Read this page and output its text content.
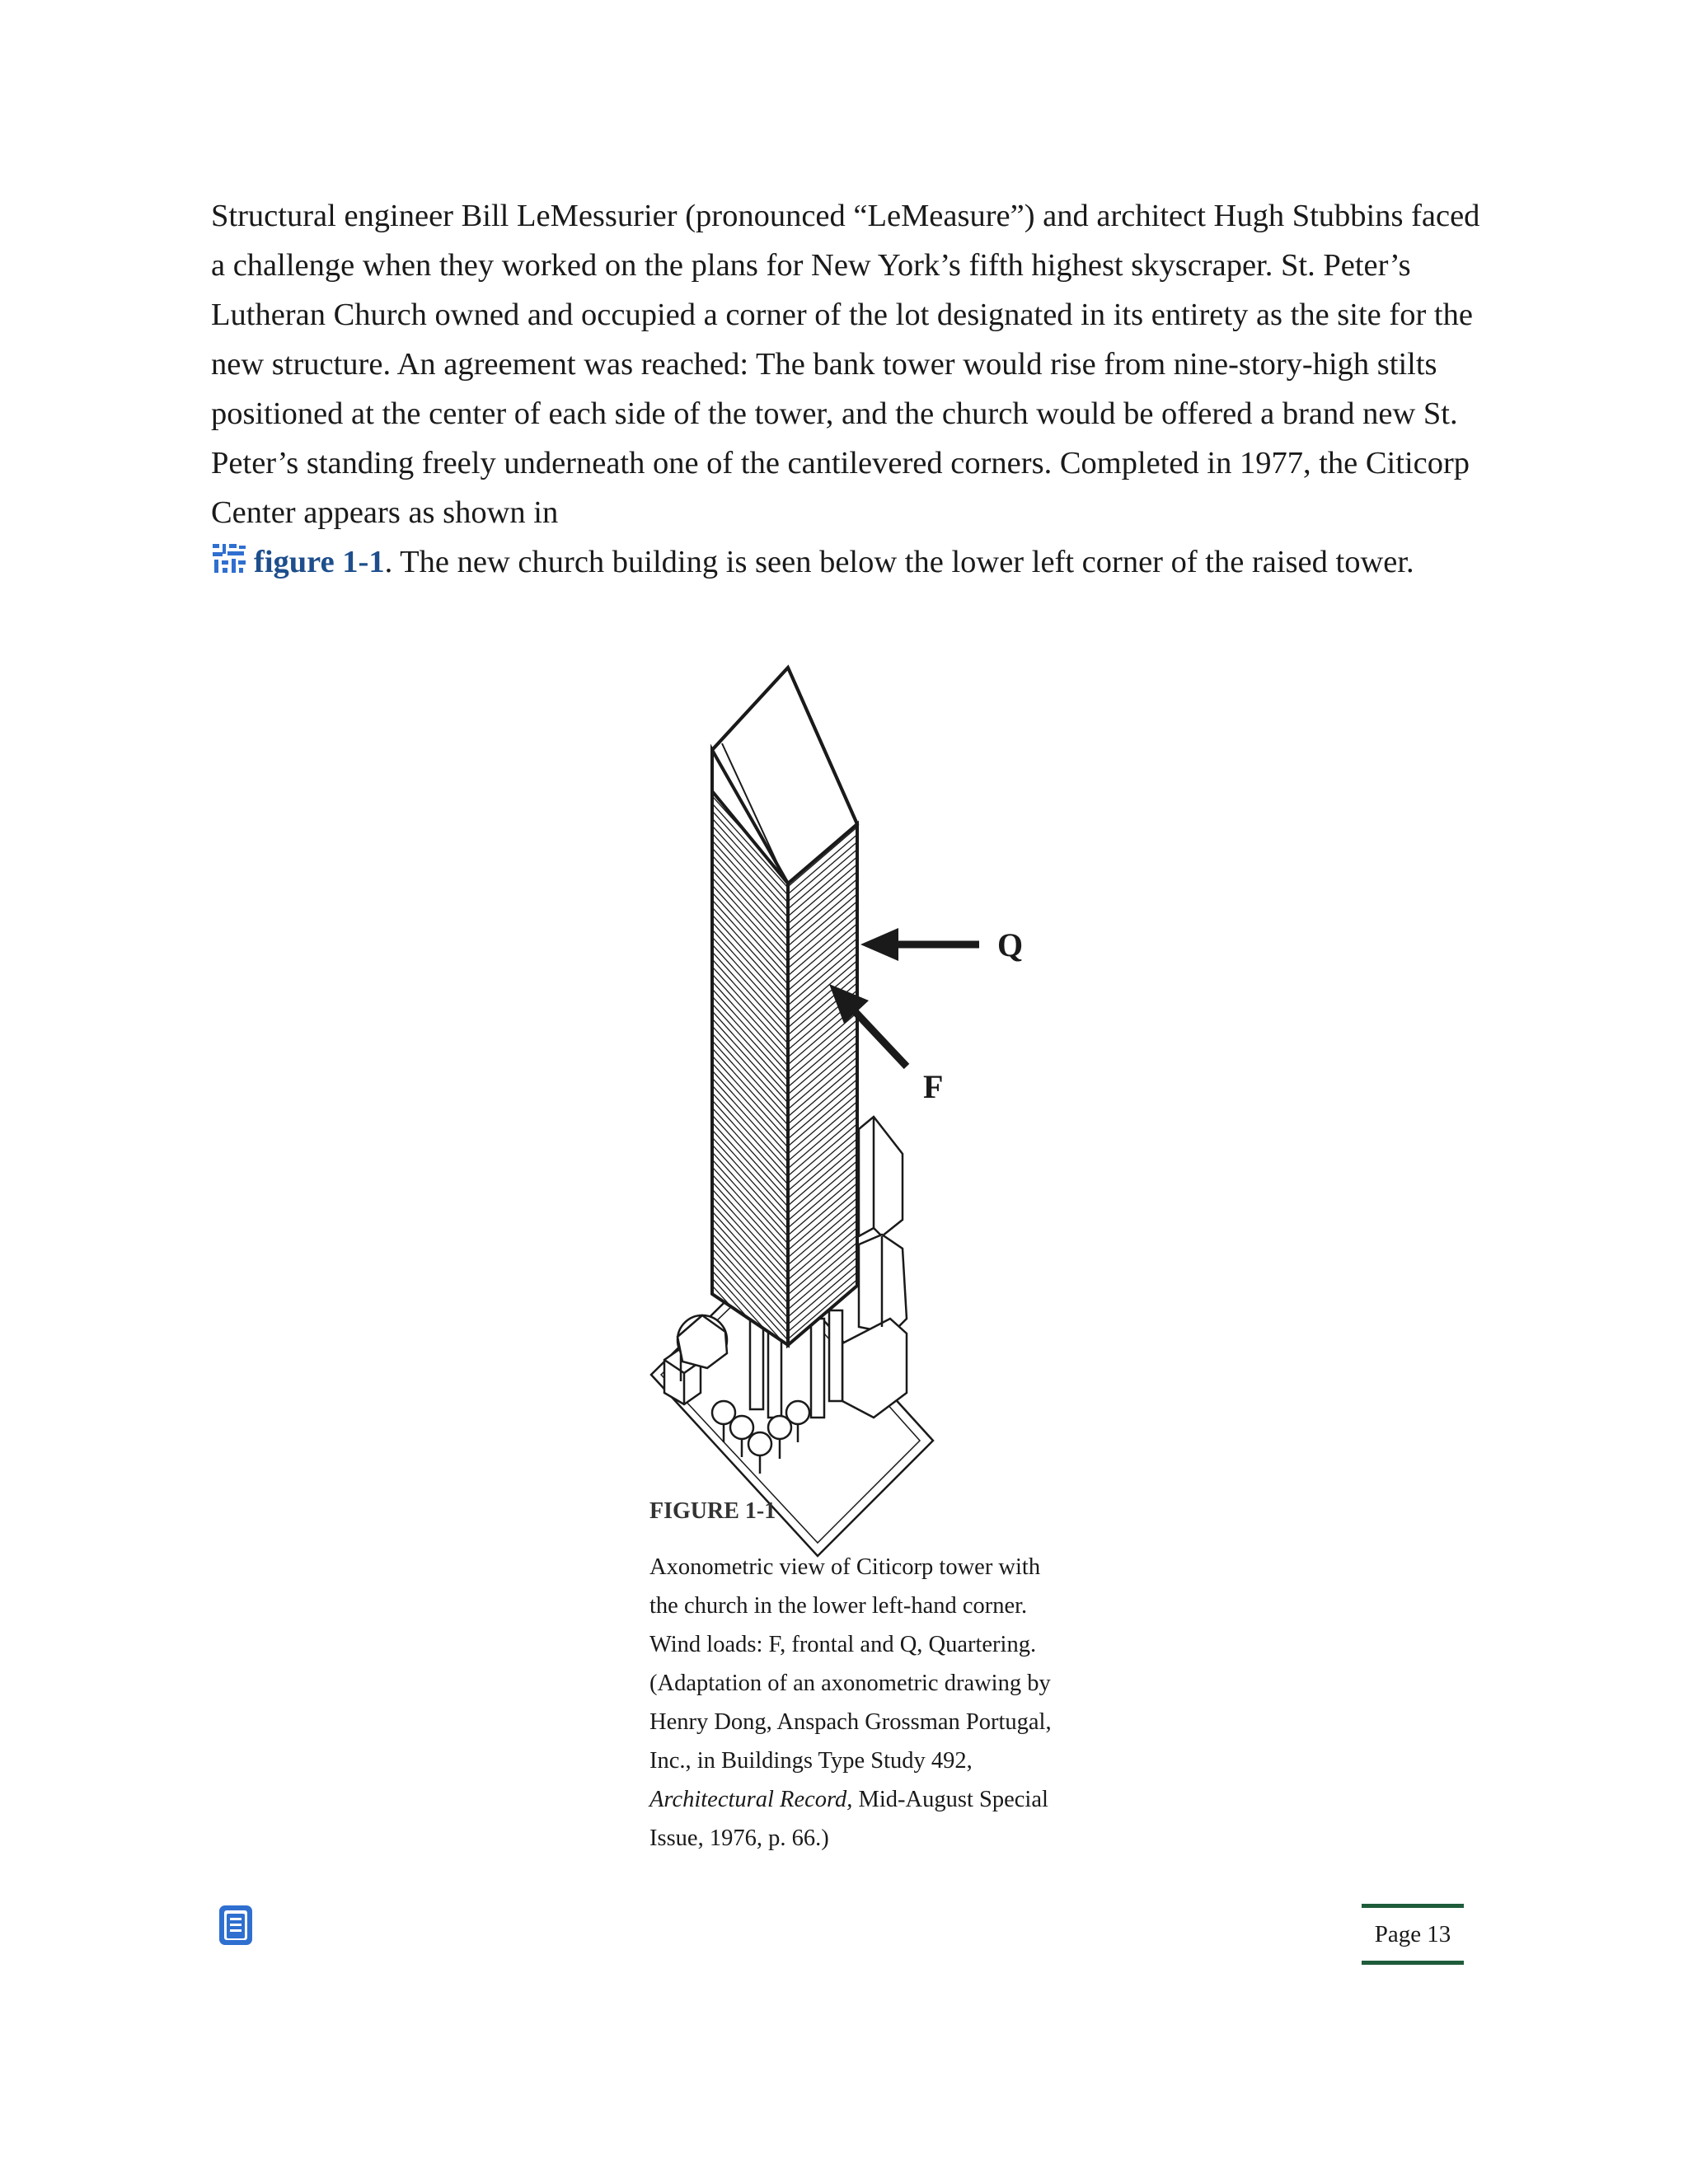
Structural engineer Bill LeMessurier (pronounced “LeMeasure”) and architect Hugh Stubbins faced a challenge when they worked on the plans for New York’s fifth highest skyscraper. St. Peter’s Lutheran Church owned and occupied a corner of the lot designated in its entirety as the site for the new structure. An agreement was reached: The bank tower would rise from nine-story-high stilts positioned at the center of each side of the tower, and the church would be offered a brand new St. Peter’s standing freely underneath one of the cantilevered corners. Completed in 1977, the Citicorp Center appears as shown in
figure 1-1. The new church building is seen below the lower left corner of the raised tower.

Q
F

FIGURE 1-1

Axonometric view of Citicorp tower with the church in the lower left-hand corner. Wind loads: F, frontal and Q, Quartering. (Adaptation of an axonometric drawing by Henry Dong, Anspach Grossman Portugal, Inc., in Buildings Type Study 492,
Architectural Record, Mid-August Special Issue, 1976, p. 66.)

Page 13
